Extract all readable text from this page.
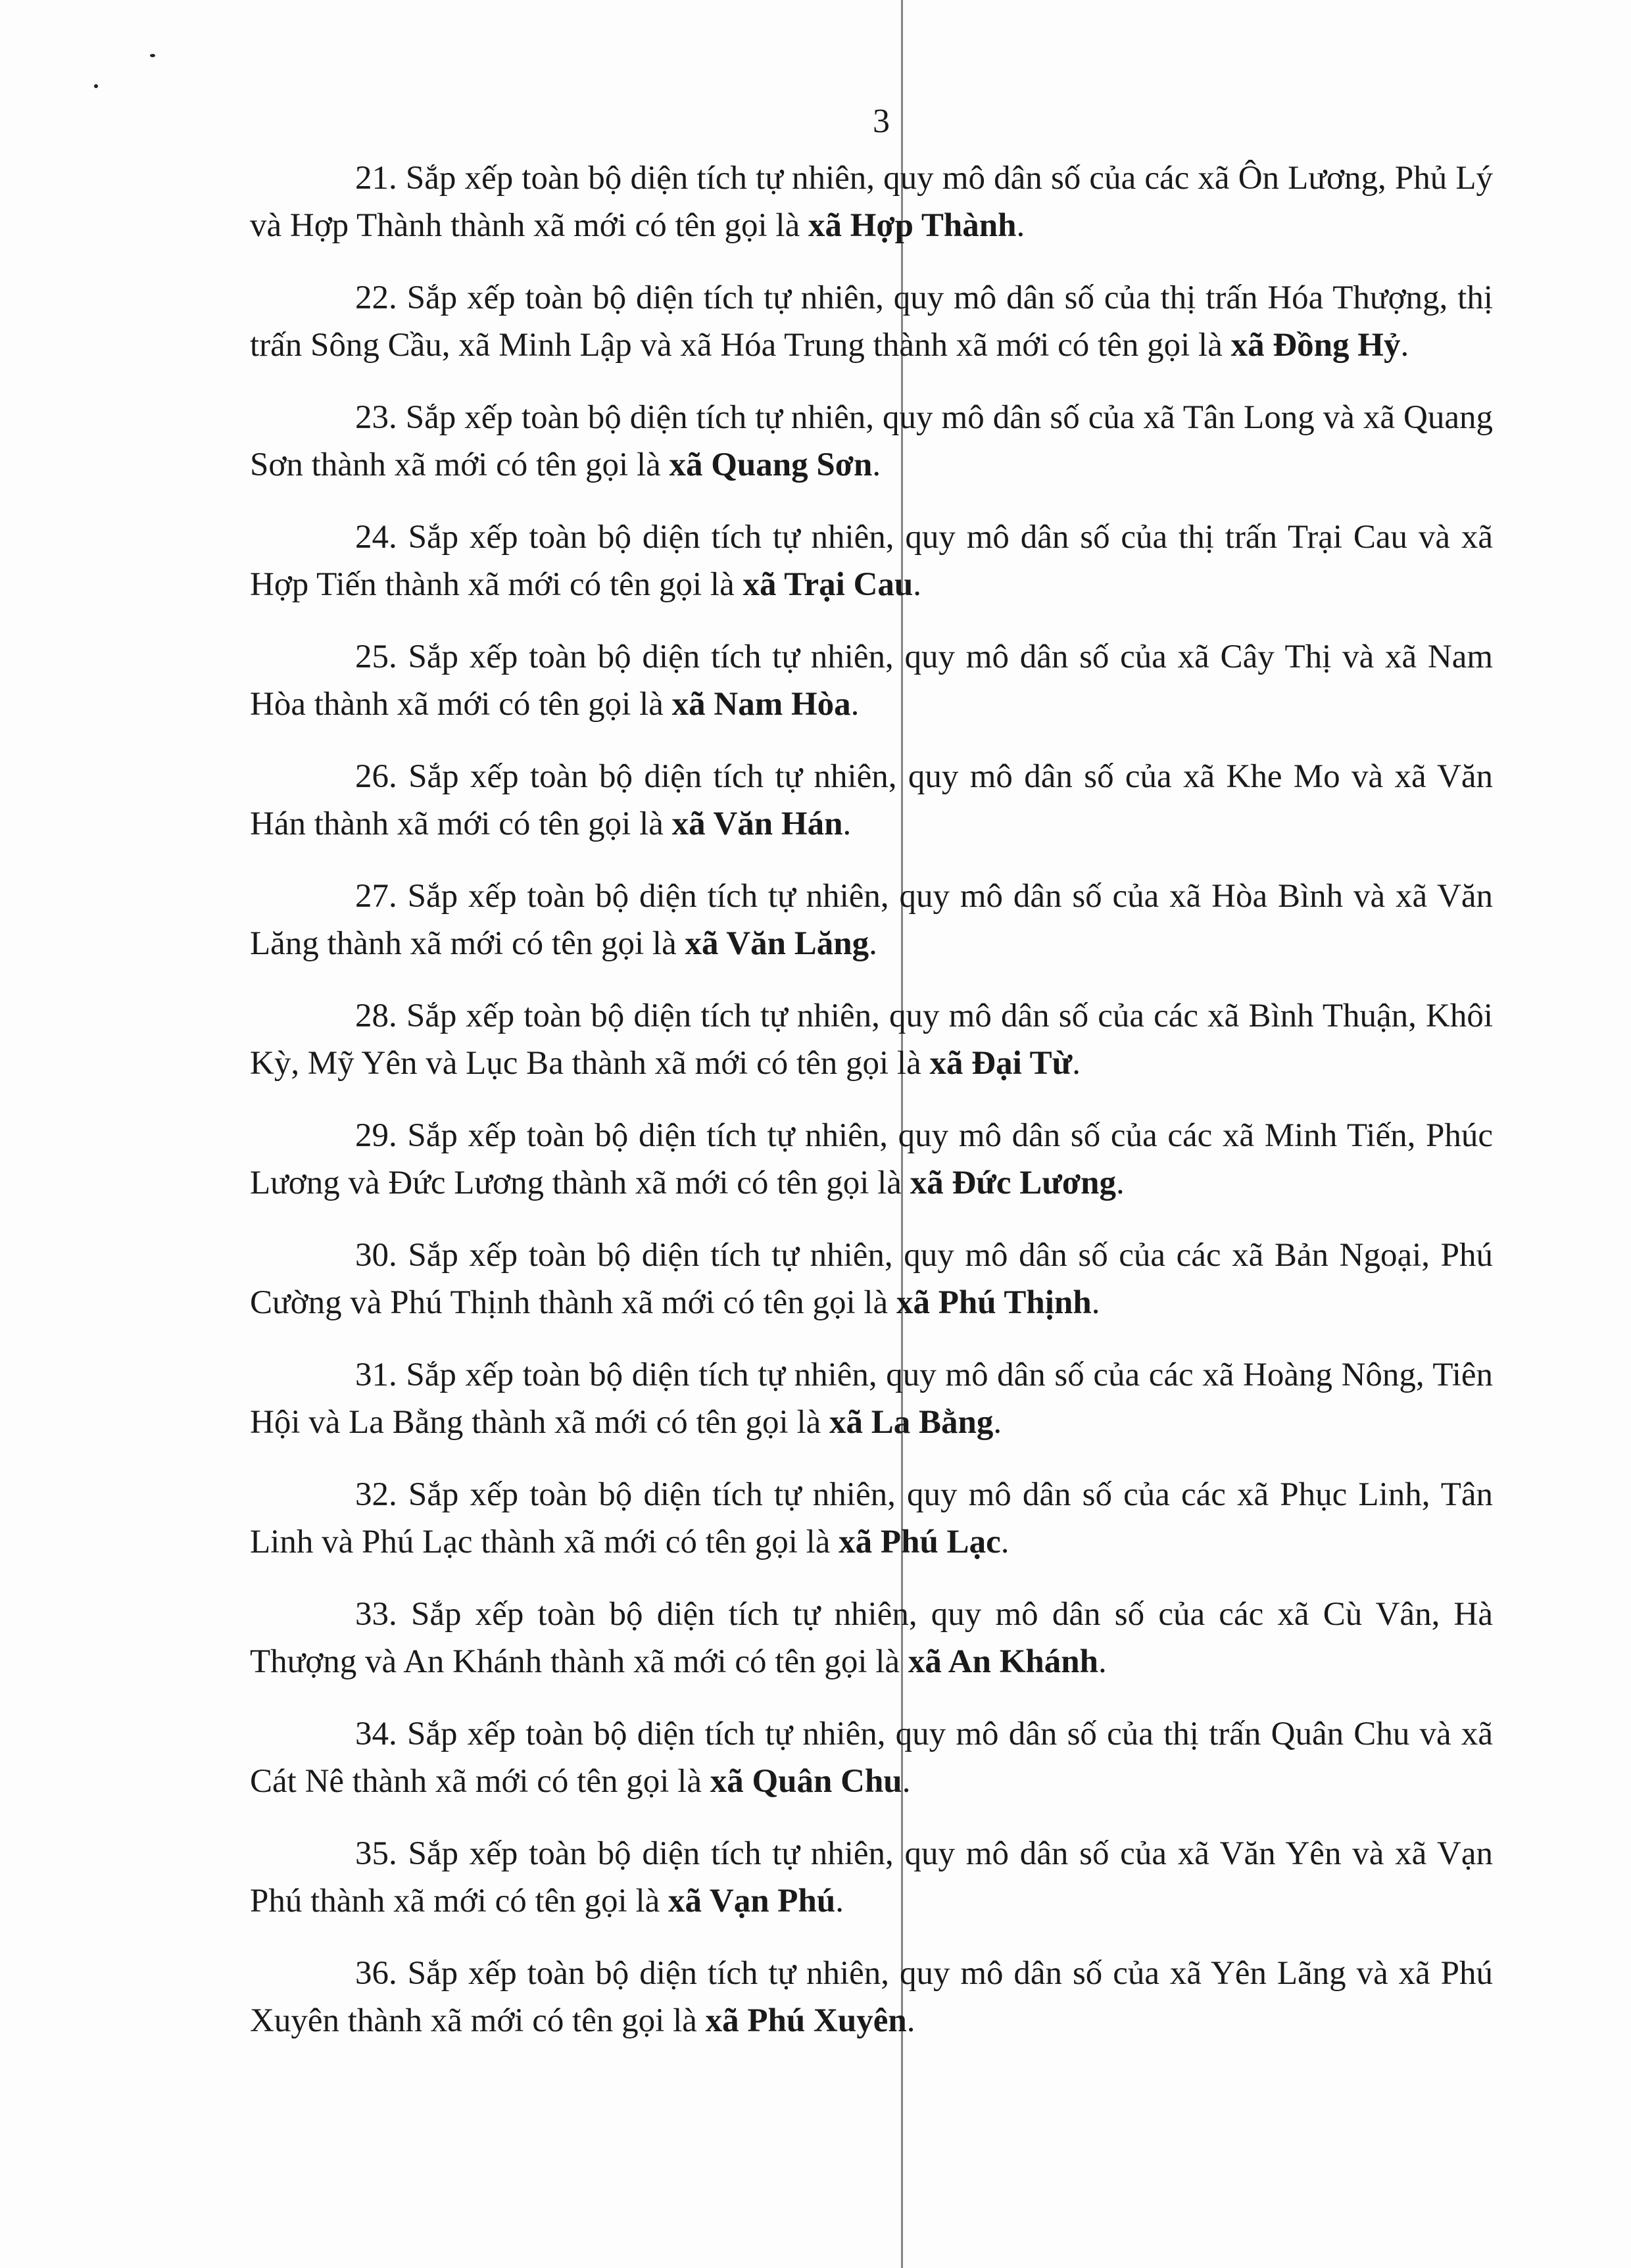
3

21. Sắp xếp toàn bộ diện tích tự nhiên, quy mô dân số của các xã Ôn Lương, Phủ Lý và Hợp Thành thành xã mới có tên gọi là xã Hợp Thành.

22. Sắp xếp toàn bộ diện tích tự nhiên, quy mô dân số của thị trấn Hóa Thượng, thị trấn Sông Cầu, xã Minh Lập và xã Hóa Trung thành xã mới có tên gọi là xã Đồng Hỷ.

23. Sắp xếp toàn bộ diện tích tự nhiên, quy mô dân số của xã Tân Long và xã Quang Sơn thành xã mới có tên gọi là xã Quang Sơn.

24. Sắp xếp toàn bộ diện tích tự nhiên, quy mô dân số của thị trấn Trại Cau và xã Hợp Tiến thành xã mới có tên gọi là xã Trại Cau.

25. Sắp xếp toàn bộ diện tích tự nhiên, quy mô dân số của xã Cây Thị và xã Nam Hòa thành xã mới có tên gọi là xã Nam Hòa.

26. Sắp xếp toàn bộ diện tích tự nhiên, quy mô dân số của xã Khe Mo và xã Văn Hán thành xã mới có tên gọi là xã Văn Hán.

27. Sắp xếp toàn bộ diện tích tự nhiên, quy mô dân số của xã Hòa Bình và xã Văn Lăng thành xã mới có tên gọi là xã Văn Lăng.

28. Sắp xếp toàn bộ diện tích tự nhiên, quy mô dân số của các xã Bình Thuận, Khôi Kỳ, Mỹ Yên và Lục Ba thành xã mới có tên gọi là xã Đại Từ.

29. Sắp xếp toàn bộ diện tích tự nhiên, quy mô dân số của các xã Minh Tiến, Phúc Lương và Đức Lương thành xã mới có tên gọi là xã Đức Lương.

30. Sắp xếp toàn bộ diện tích tự nhiên, quy mô dân số của các xã Bản Ngoại, Phú Cường và Phú Thịnh thành xã mới có tên gọi là xã Phú Thịnh.

31. Sắp xếp toàn bộ diện tích tự nhiên, quy mô dân số của các xã Hoàng Nông, Tiên Hội và La Bằng thành xã mới có tên gọi là xã La Bằng.

32. Sắp xếp toàn bộ diện tích tự nhiên, quy mô dân số của các xã Phục Linh, Tân Linh và Phú Lạc thành xã mới có tên gọi là xã Phú Lạc.

33. Sắp xếp toàn bộ diện tích tự nhiên, quy mô dân số của các xã Cù Vân, Hà Thượng và An Khánh thành xã mới có tên gọi là xã An Khánh.

34. Sắp xếp toàn bộ diện tích tự nhiên, quy mô dân số của thị trấn Quân Chu và xã Cát Nê thành xã mới có tên gọi là xã Quân Chu.

35. Sắp xếp toàn bộ diện tích tự nhiên, quy mô dân số của xã Văn Yên và xã Vạn Phú thành xã mới có tên gọi là xã Vạn Phú.

36. Sắp xếp toàn bộ diện tích tự nhiên, quy mô dân số của xã Yên Lãng và xã Phú Xuyên thành xã mới có tên gọi là xã Phú Xuyên.
